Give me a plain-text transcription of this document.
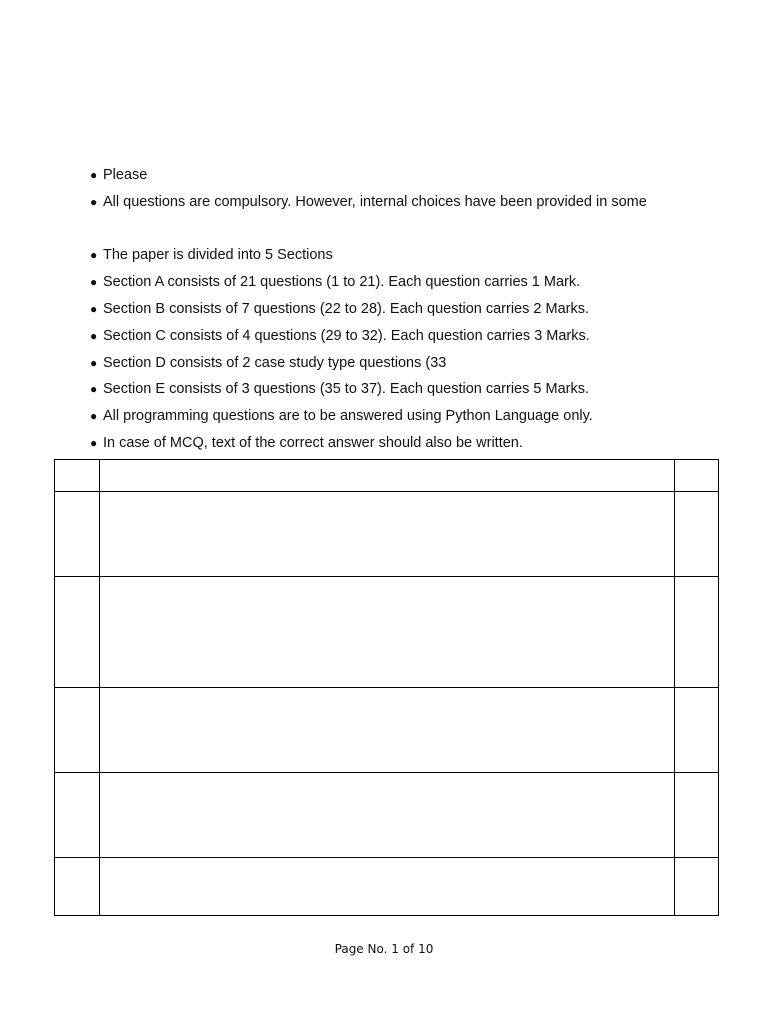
● Please
● All questions are compulsory. However, internal choices have been provided in some
● The paper is divided into 5 Sections
● Section A consists of 21 questions (1 to 21). Each question carries 1 Mark.
● Section B consists of 7 questions (22 to 28). Each question carries 2 Marks.
● Section C consists of 4 questions (29 to 32). Each question carries 3 Marks.
● Section D consists of 2 case study type questions (33
● Section E consists of 3 questions (35 to 37). Each question carries 5 Marks.
● All programming questions are to be answered using Python Language only.
● In case of MCQ, text of the correct answer should also be written.

Page No. 1 of 10
